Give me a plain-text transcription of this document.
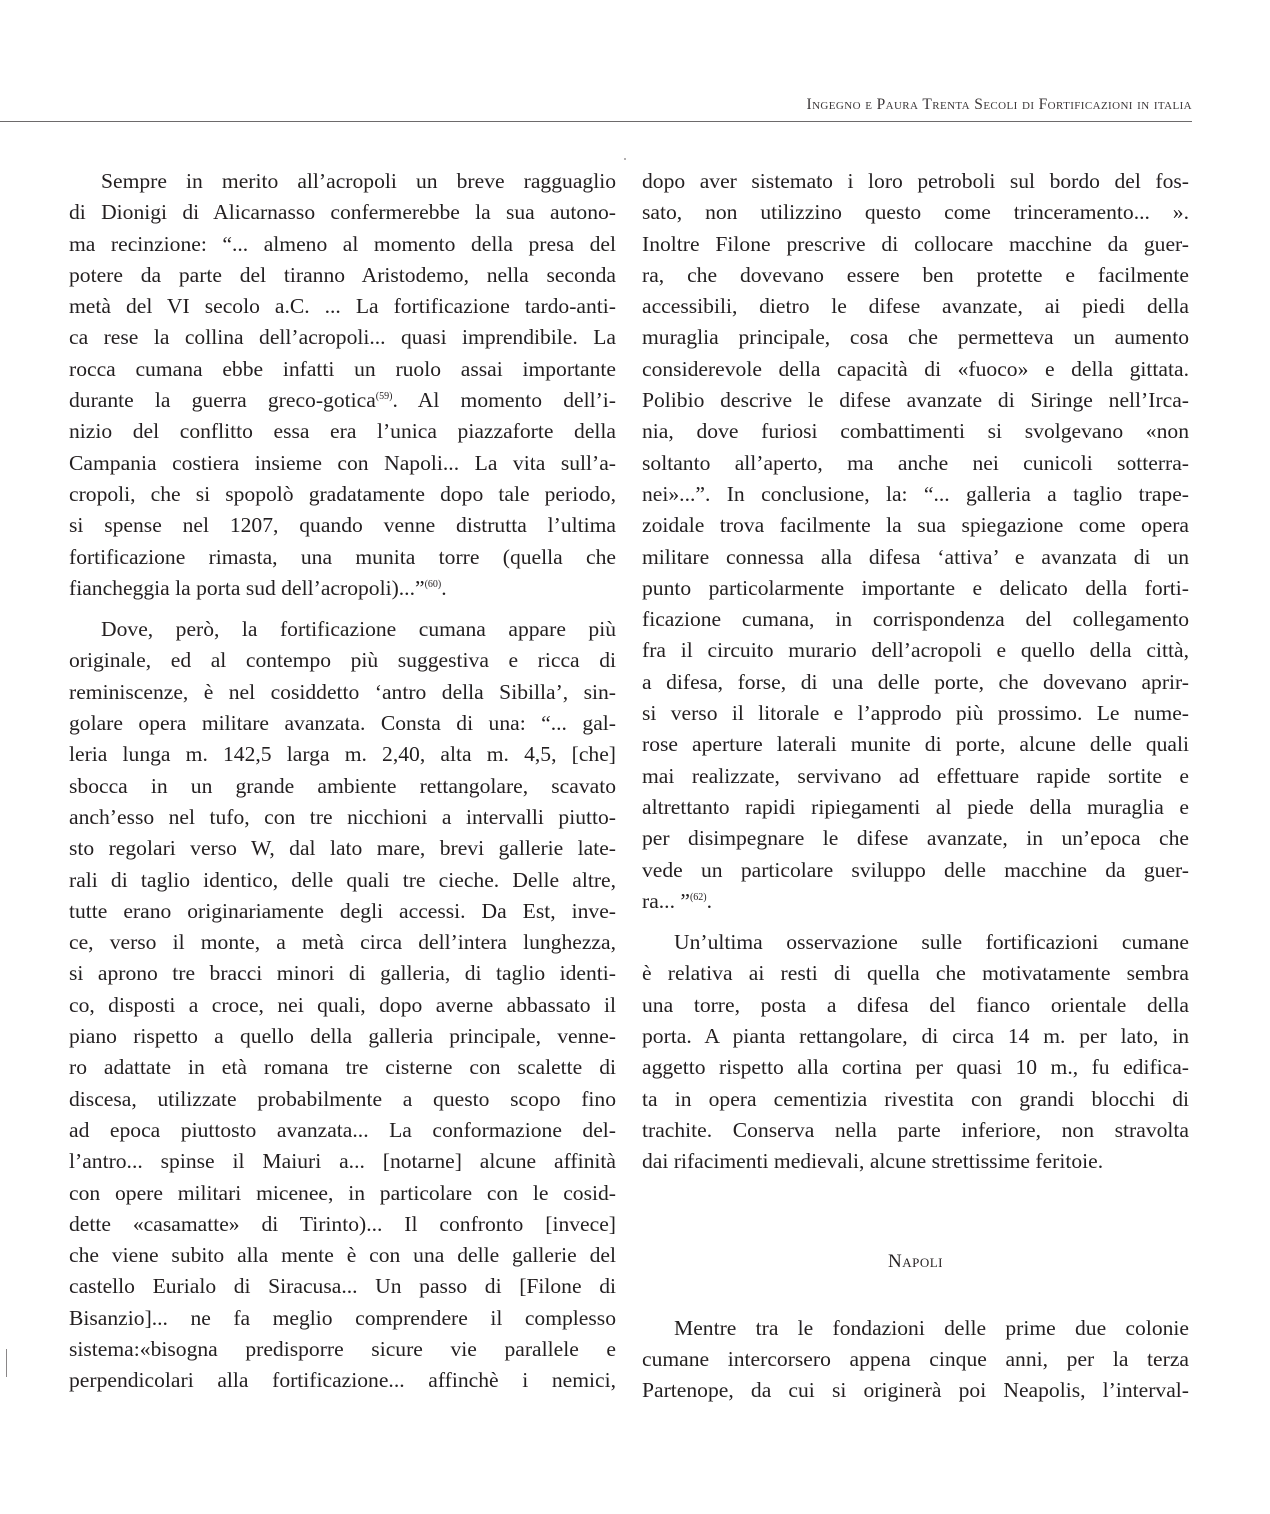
Ingegno e Paura Trenta Secoli di Fortificazioni in italia
Sempre in merito all’acropoli un breve ragguaglio
di Dionigi di Alicarnasso confermerebbe la sua autono-
ma recinzione: “... almeno al momento della presa del
potere da parte del tiranno Aristodemo, nella seconda
metà del VI secolo a.C. ... La fortificazione tardo-anti-
ca rese la collina dell’acropoli... quasi imprendibile. La
rocca cumana ebbe infatti un ruolo assai importante
durante la guerra greco-gotica$^{(59)}$. Al momento dell’i-
nizio del conflitto essa era l’unica piazzaforte della
Campania costiera insieme con Napoli... La vita sull’a-
cropoli, che si spopolò gradatamente dopo tale periodo,
si spense nel 1207, quando venne distrutta l’ultima
fortificazione rimasta, una munita torre (quella che
fiancheggia la porta sud dell’acropoli)...”$^{(60)}$.
Dove, però, la fortificazione cumana appare più
originale, ed al contempo più suggestiva e ricca di
reminiscenze, è nel cosiddetto ‘antro della Sibilla’, sin-
golare opera militare avanzata. Consta di una: “... gal-
leria lunga m. 142,5 larga m. 2,40, alta m. 4,5, [che]
sbocca in un grande ambiente rettangolare, scavato
anch’esso nel tufo, con tre nicchioni a intervalli piutto-
sto regolari verso W, dal lato mare, brevi gallerie late-
rali di taglio identico, delle quali tre cieche. Delle altre,
tutte erano originariamente degli accessi. Da Est, inve-
ce, verso il monte, a metà circa dell’intera lunghezza,
si aprono tre bracci minori di galleria, di taglio identi-
co, disposti a croce, nei quali, dopo averne abbassato il
piano rispetto a quello della galleria principale, venne-
ro adattate in età romana tre cisterne con scalette di
discesa, utilizzate probabilmente a questo scopo fino
ad epoca piuttosto avanzata... La conformazione del-
l’antro... spinse il Maiuri a... [notarne] alcune affinità
con opere militari micenee, in particolare con le cosid-
dette «casamatte» di Tirinto)... Il confronto [invece]
che viene subito alla mente è con una delle gallerie del
castello Eurialo di Siracusa... Un passo di [Filone di
Bisanzio]... ne fa meglio comprendere il complesso
sistema:«bisogna predisporre sicure vie parallele e
perpendicolari alla fortificazione... affinchè i nemici,
dopo aver sistemato i loro petroboli sul bordo del fos-
sato, non utilizzino questo come trinceramento... ».
Inoltre Filone prescrive di collocare macchine da guer-
ra, che dovevano essere ben protette e facilmente
accessibili, dietro le difese avanzate, ai piedi della
muraglia principale, cosa che permetteva un aumento
considerevole della capacità di «fuoco» e della gittata.
Polibio descrive le difese avanzate di Siringe nell’Irca-
nia, dove furiosi combattimenti si svolgevano «non
soltanto all’aperto, ma anche nei cunicoli sotterra-
nei»...”. In conclusione, la: “... galleria a taglio trape-
zoidale trova facilmente la sua spiegazione come opera
militare connessa alla difesa ‘attiva’ e avanzata di un
punto particolarmente importante e delicato della forti-
ficazione cumana, in corrispondenza del collegamento
fra il circuito murario dell’acropoli e quello della città,
a difesa, forse, di una delle porte, che dovevano aprir-
si verso il litorale e l’approdo più prossimo. Le nume-
rose aperture laterali munite di porte, alcune delle quali
mai realizzate, servivano ad effettuare rapide sortite e
altrettanto rapidi ripiegamenti al piede della muraglia e
per disimpegnare le difese avanzate, in un’epoca che
vede un particolare sviluppo delle macchine da guer-
ra... ”$^{(62)}$.
Un’ultima osservazione sulle fortificazioni cumane
è relativa ai resti di quella che motivatamente sembra
una torre, posta a difesa del fianco orientale della
porta. A pianta rettangolare, di circa 14 m. per lato, in
aggetto rispetto alla cortina per quasi 10 m., fu edifica-
ta in opera cementizia rivestita con grandi blocchi di
trachite. Conserva nella parte inferiore, non stravolta
dai rifacimenti medievali, alcune strettissime feritoie.
Napoli
Mentre tra le fondazioni delle prime due colonie
cumane intercorsero appena cinque anni, per la terza
Partenope, da cui si originerà poi Neapolis, l’interval-
